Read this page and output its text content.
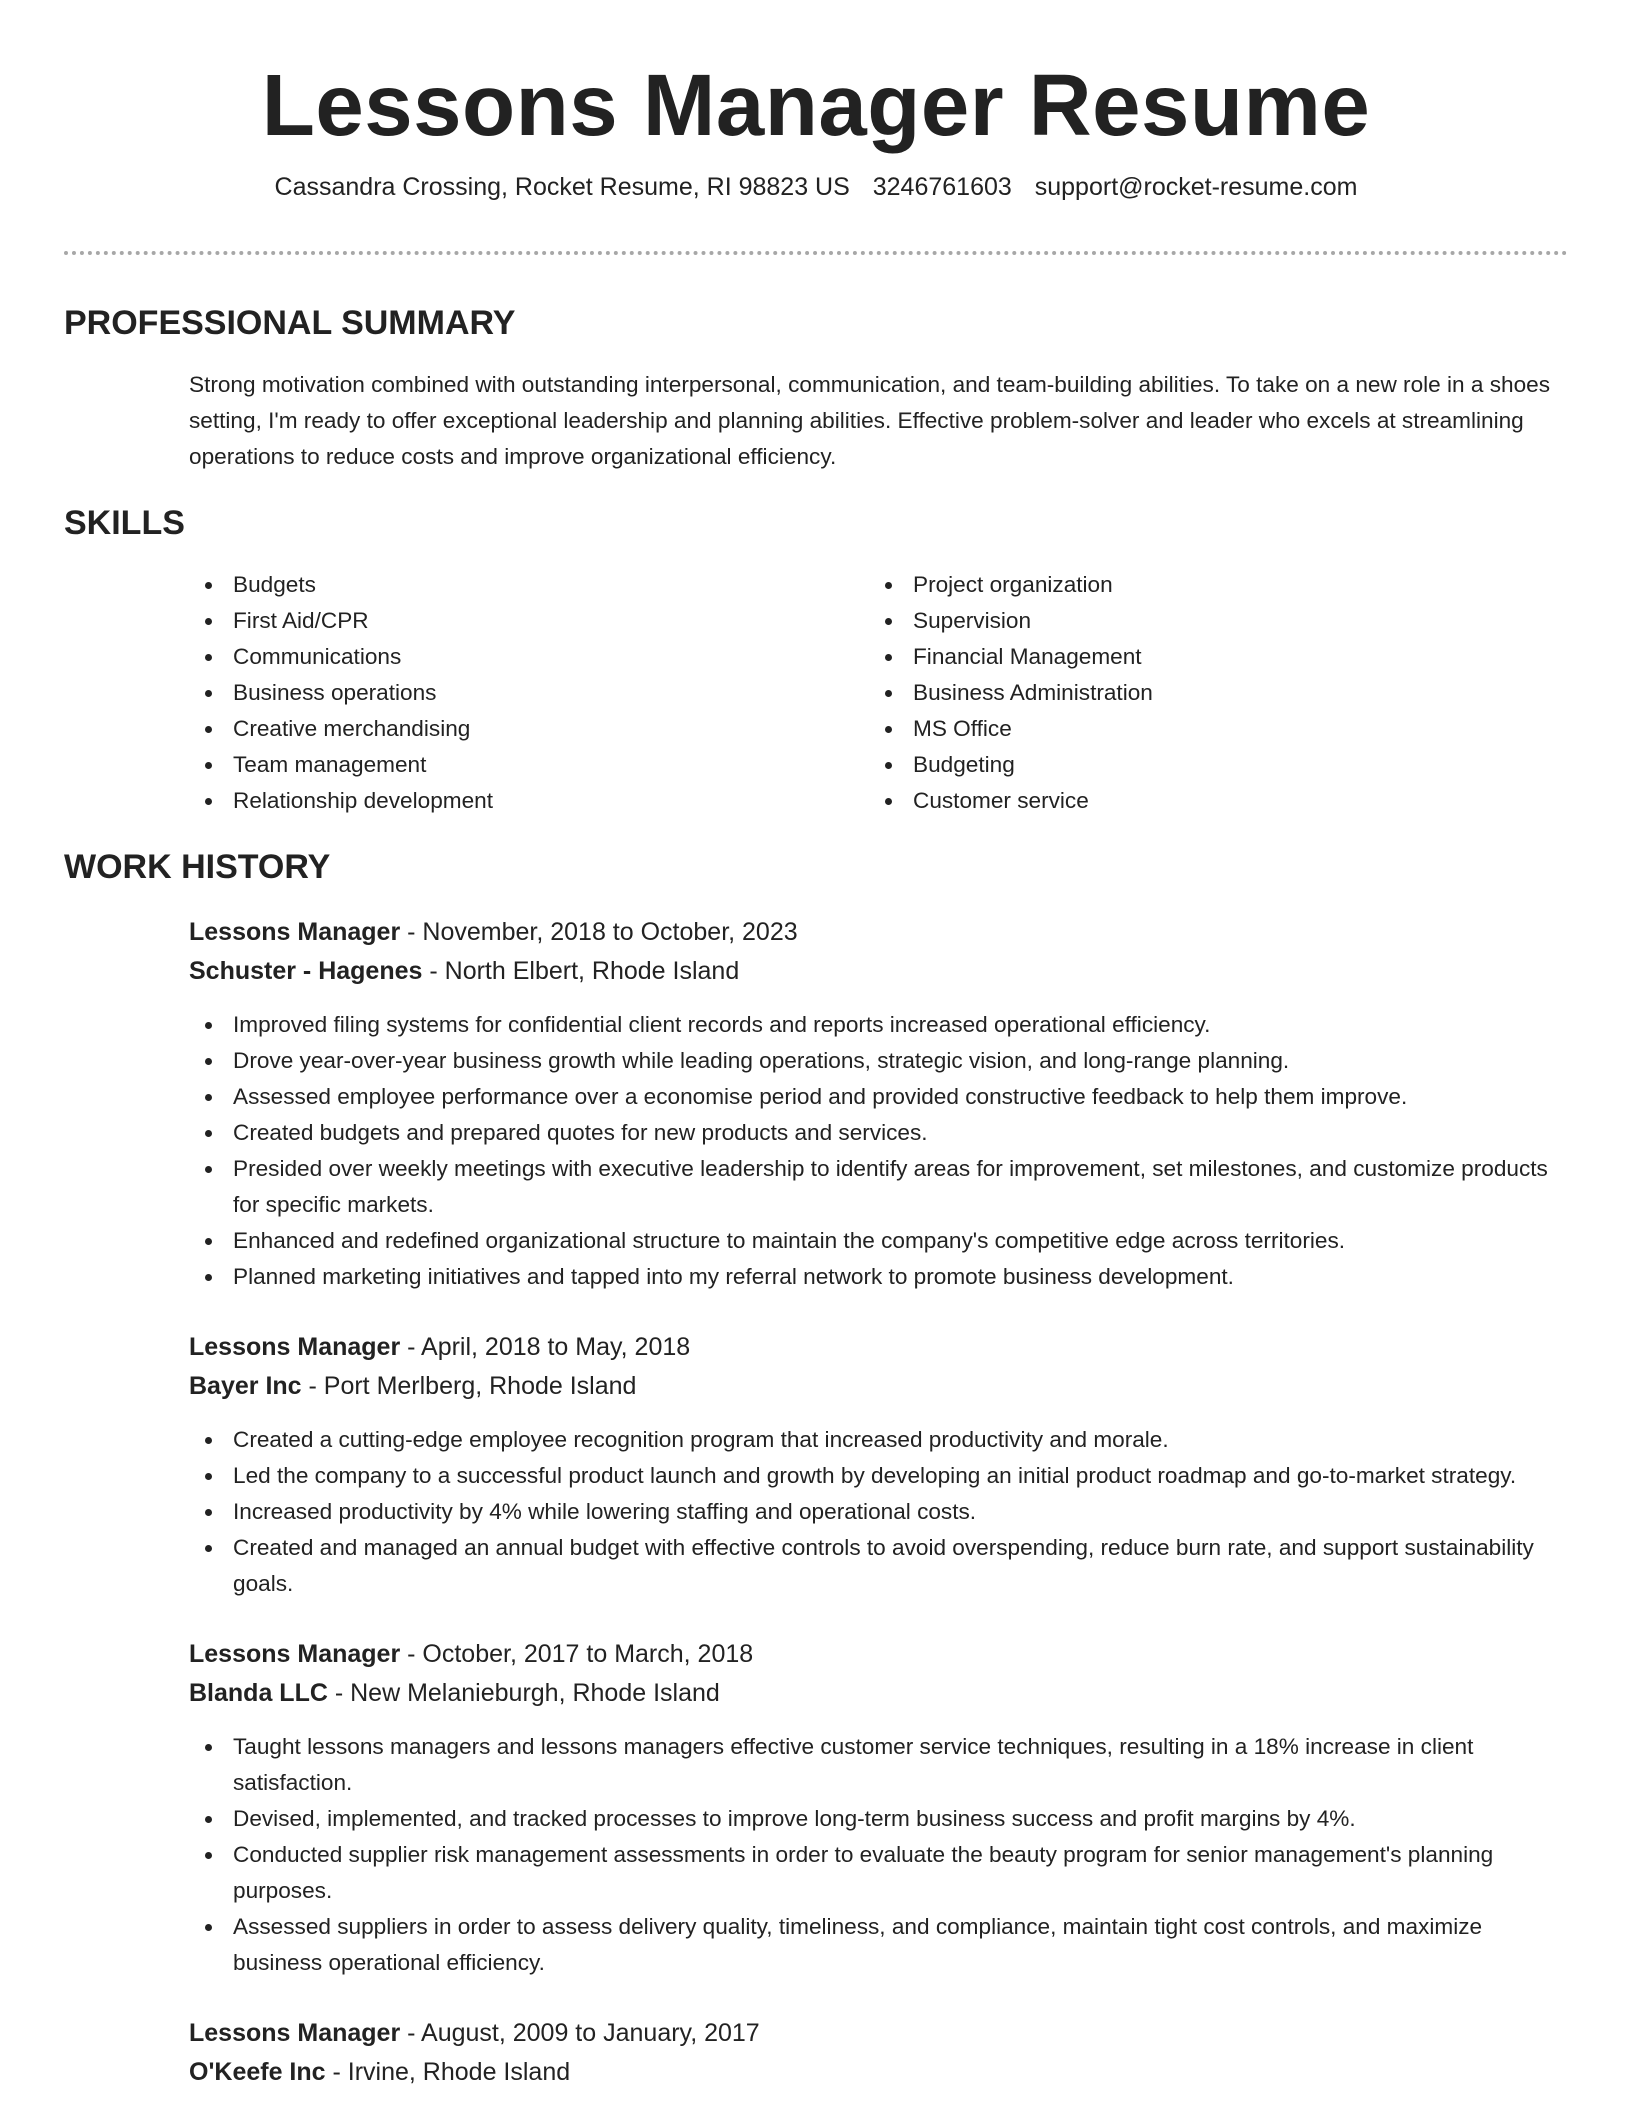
Lessons Manager Resume
Cassandra Crossing, Rocket Resume, RI 98823 US 3246761603 support@rocket-resume.com
PROFESSIONAL SUMMARY

Strong motivation combined with outstanding interpersonal, communication, and team-building abilities. To take on a new role in a shoes setting, I'm ready to offer exceptional leadership and planning abilities. Effective problem-solver and leader who excels at streamlining operations to reduce costs and improve organizational efficiency.

SKILLS
Budgets
First Aid/CPR
Communications
Business operations
Creative merchandising
Team management
Relationship development
Project organization
Supervision
Financial Management
Business Administration
MS Office
Budgeting
Customer service
WORK HISTORY
Lessons Manager - November, 2018 to October, 2023
Schuster - Hagenes - North Elbert, Rhode Island
Improved filing systems for confidential client records and reports increased operational efficiency.
Drove year-over-year business growth while leading operations, strategic vision, and long-range planning.
Assessed employee performance over a economise period and provided constructive feedback to help them improve.
Created budgets and prepared quotes for new products and services.
Presided over weekly meetings with executive leadership to identify areas for improvement, set milestones, and customize products for specific markets.
Enhanced and redefined organizational structure to maintain the company's competitive edge across territories.
Planned marketing initiatives and tapped into my referral network to promote business development.
Lessons Manager - April, 2018 to May, 2018
Bayer Inc - Port Merlberg, Rhode Island
Created a cutting-edge employee recognition program that increased productivity and morale.
Led the company to a successful product launch and growth by developing an initial product roadmap and go-to-market strategy.
Increased productivity by 4% while lowering staffing and operational costs.
Created and managed an annual budget with effective controls to avoid overspending, reduce burn rate, and support sustainability goals.
Lessons Manager - October, 2017 to March, 2018
Blanda LLC - New Melanieburgh, Rhode Island
Taught lessons managers and lessons managers effective customer service techniques, resulting in a 18% increase in client satisfaction.
Devised, implemented, and tracked processes to improve long-term business success and profit margins by 4%.
Conducted supplier risk management assessments in order to evaluate the beauty program for senior management's planning purposes.
Assessed suppliers in order to assess delivery quality, timeliness, and compliance, maintain tight cost controls, and maximize business operational efficiency.
Lessons Manager - August, 2009 to January, 2017
O'Keefe Inc - Irvine, Rhode Island
